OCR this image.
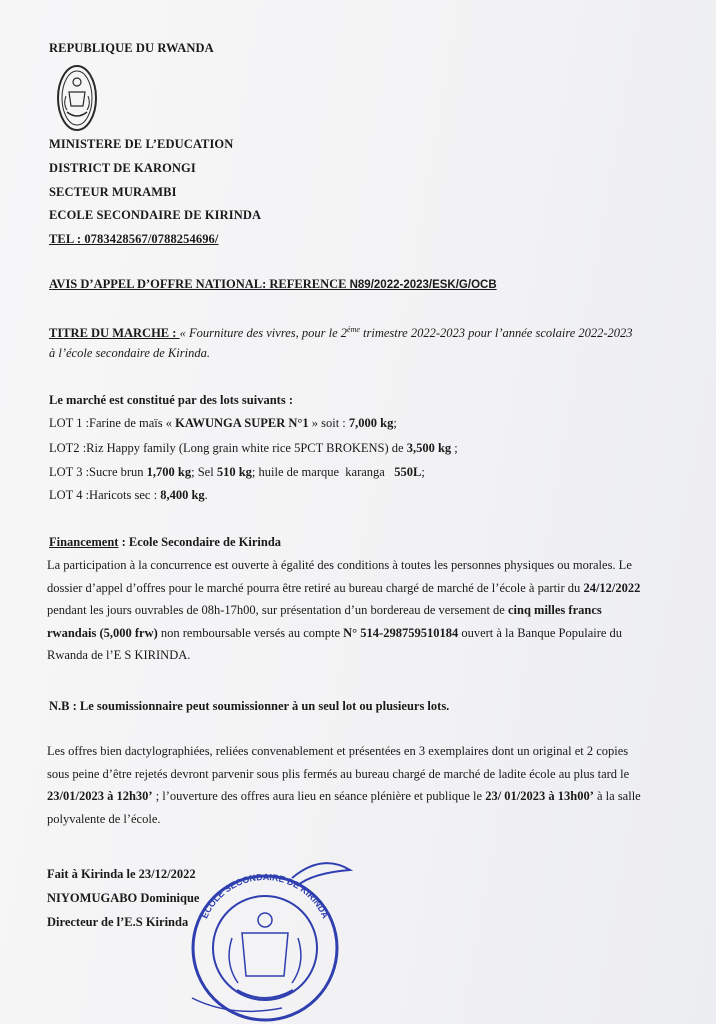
REPUBLIQUE DU RWANDA
MINISTERE DE L’EDUCATION
DISTRICT DE KARONGI
SECTEUR MURAMBI
ECOLE SECONDAIRE DE KIRINDA
TEL : 0783428567/0788254696/
AVIS D’APPEL D’OFFRE NATIONAL: REFERENCE N89/2022-2023/ESK/G/OCB
TITRE DU MARCHE : « Fourniture des vivres, pour le 2ème trimestre 2022-2023 pour l’année scolaire 2022-2023
à l’école secondaire de Kirinda.
Le marché est constitué par des lots suivants :
LOT 1 :Farine de maïs « KAWUNGA SUPER N°1 » soit : 7,000 kg;
LOT2 :Riz Happy family (Long grain white rice 5PCT BROKENS) de 3,500 kg ;
LOT 3 :Sucre brun 1,700 kg; Sel 510 kg; huile de marque  karanga   550L;
LOT 4 :Haricots sec : 8,400 kg.
Financement : Ecole Secondaire de Kirinda
La participation à la concurrence est ouverte à égalité des conditions à toutes les personnes physiques ou morales. Le
dossier d’appel d’offres pour le marché pourra être retiré au bureau chargé de marché de l’école à partir du 24/12/2022
pendant les jours ouvrables de 08h-17h00, sur présentation d’un bordereau de versement de cinq milles francs
rwandais (5,000 frw) non remboursable versés au compte N° 514-298759510184 ouvert à la Banque Populaire du
Rwanda de l’E S KIRINDA.
N.B : Le soumissionnaire peut soumissionner à un seul lot ou plusieurs lots.
Les offres bien dactylographiées, reliées convenablement et présentées en 3 exemplaires dont un original et 2 copies
sous peine d’être rejetés devront parvenir sous plis fermés au bureau chargé de marché de ladite école au plus tard le
23/01/2023 à 12h30’ ; l’ouverture des offres aura lieu en séance plénière et publique le 23/ 01/2023 à 13h00’ à la salle
polyvalente de l’école.
Fait à Kirinda le 23/12/2022
NIYOMUGABO Dominique
Directeur de l’E.S Kirinda ECOLE SECONDAIRE DE KIRINDA
